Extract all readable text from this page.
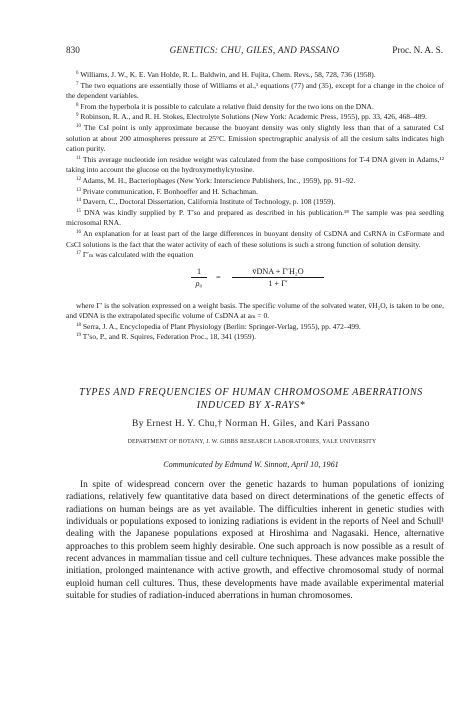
830	GENETICS: CHU, GILES, AND PASSANO	Proc. N. A. S.
$^6$ Williams, J. W., K. E. Van Holde, R. L. Baldwin, and H. Fujita, Chem. Revs., 58, 728, 736 (1958).
$^7$ The two equations are essentially those of Williams et al.,¹ equations (77) and (35), except for a change in the choice of the dependent variables.
$^8$ From the hyperbola it is possible to calculate a relative fluid density for the two ions on the DNA.
$^9$ Robinson, R. A., and R. H. Stokes, Electrolyte Solutions (New York: Academic Press, 1955), pp. 33, 426, 468–489.
$^{10}$ The CsI point is only approximate because the buoyant density was only slightly less than that of a saturated CsI solution at about 200 atmospheres pressure at 25°C. Emission spectrographic analysis of all the cesium salts indicates high cation purity.
$^{11}$ This average nucleotide ion residue weight was calculated from the base compositions for T-4 DNA given in Adams,¹² taking into account the glucose on the hydroxymethylcytosine.
$^{12}$ Adams, M. H., Bacteriophages (New York: Interscience Publishers, Inc., 1959), pp. 91–92.
$^{13}$ Private communication, F. Bonhoeffer and H. Schachman.
$^{14}$ Davern, C., Doctoral Dissertation, California Institute of Technology, p. 108 (1959).
$^{15}$ DNA was kindly supplied by P. T’so and prepared as described in his publication.¹⁸ The sample was pea seedling microsomal RNA.
$^{16}$ An explanation for at least part of the large differences in buoyant density of CsDNA and CsRNA in CsFormate and CsCl solutions is the fact that the water activity of each of these solutions is such a strong function of solution density.
$^{17}$ Γ′ₘ was calculated with the equation
$\frac{1}{\text{ρ₀}}$ =
v̄DNA + Γ′H₂O
1 + Γ′
where Γ′ is the solvation expressed on a weight basis. The specific volume of the solvated water, v̄H₂O, is taken to be one, and v̄DNA is the extrapolated specific volume of CsDNA at aₘ = 0.
$^{18}$ Serra, J. A., Encyclopedia of Plant Physiology (Berlin: Springer-Verlag, 1955), pp. 472–499.
$^{19}$ T’so, P., and R. Squires, Federation Proc., 18, 341 (1959).
TYPES AND FREQUENCIES OF HUMAN CHROMOSOME ABERRATIONS
INDUCED BY X-RAYS*
By Ernest H. Y. Chu,† Norman H. Giles, and Kari Passano
DEPARTMENT OF BOTANY, J. W. GIBBS RESEARCH LABORATORIES, YALE UNIVERSITY
Communicated by Edmund W. Sinnott, April 10, 1961
In spite of widespread concern over the genetic hazards to human populations of ionizing radiations, relatively few quantitative data based on direct determinations of the genetic effects of radiations on human beings are as yet available. The difficulties inherent in genetic studies with individuals or populations exposed to ionizing radiations is evident in the reports of Neel and Schull¹ dealing with the Japanese populations exposed at Hiroshima and Nagasaki. Hence, alternative approaches to this problem seem highly desirable. One such approach is now possible as a result of recent advances in mammalian tissue and cell culture techniques. These advances make possible the initiation, prolonged maintenance with active growth, and effective chromosomal study of normal euploid human cell cultures. Thus, these developments have made available experimental material suitable for studies of radiation-induced aberrations in human chromosomes.
